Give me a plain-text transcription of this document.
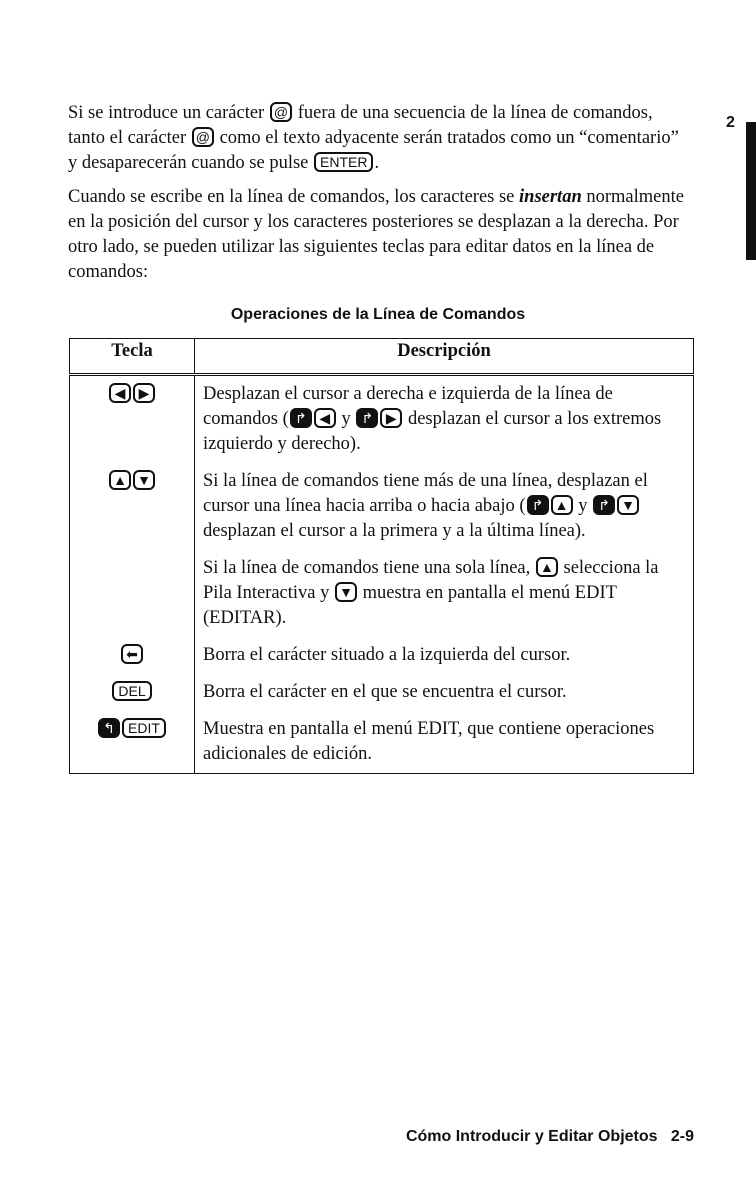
2
Si se introduce un carácter @ fuera de una secuencia de la línea de comandos, tanto el carácter @ como el texto adyacente serán tratados como un “comentario” y desaparecerán cuando se pulse ENTER .
Cuando se escribe en la línea de comandos, los caracteres se insertan normalmente en la posición del cursor y los caracteres posteriores se desplazan a la derecha. Por otro lado, se pueden utilizar las siguientes teclas para editar datos en la línea de comandos:
Operaciones de la Línea de Comandos
Tecla	Descripción
◀ ▶	Desplazan el cursor a derecha e izquierda de la línea de comandos ( ↱ ◀ y ↱ ▶ desplazan el cursor a los extremos izquierdo y derecho).
▲ ▼	Si la línea de comandos tiene más de una línea, desplazan el cursor una línea hacia arriba o hacia abajo ( ↱ ▲ y ↱ ▼ desplazan el cursor a la primera y a la última línea).

Si la línea de comandos tiene una sola línea, ▲ selecciona la Pila Interactiva y ▼ muestra en pantalla el menú EDIT (EDITAR).

⬅	Borra el carácter situado a la izquierda del cursor.
DEL	Borra el carácter en el que se encuentra el cursor.
↰ EDIT	Muestra en pantalla el menú EDIT, que contiene operaciones adicionales de edición.
Cómo Introducir y Editar Objetos 2-9
